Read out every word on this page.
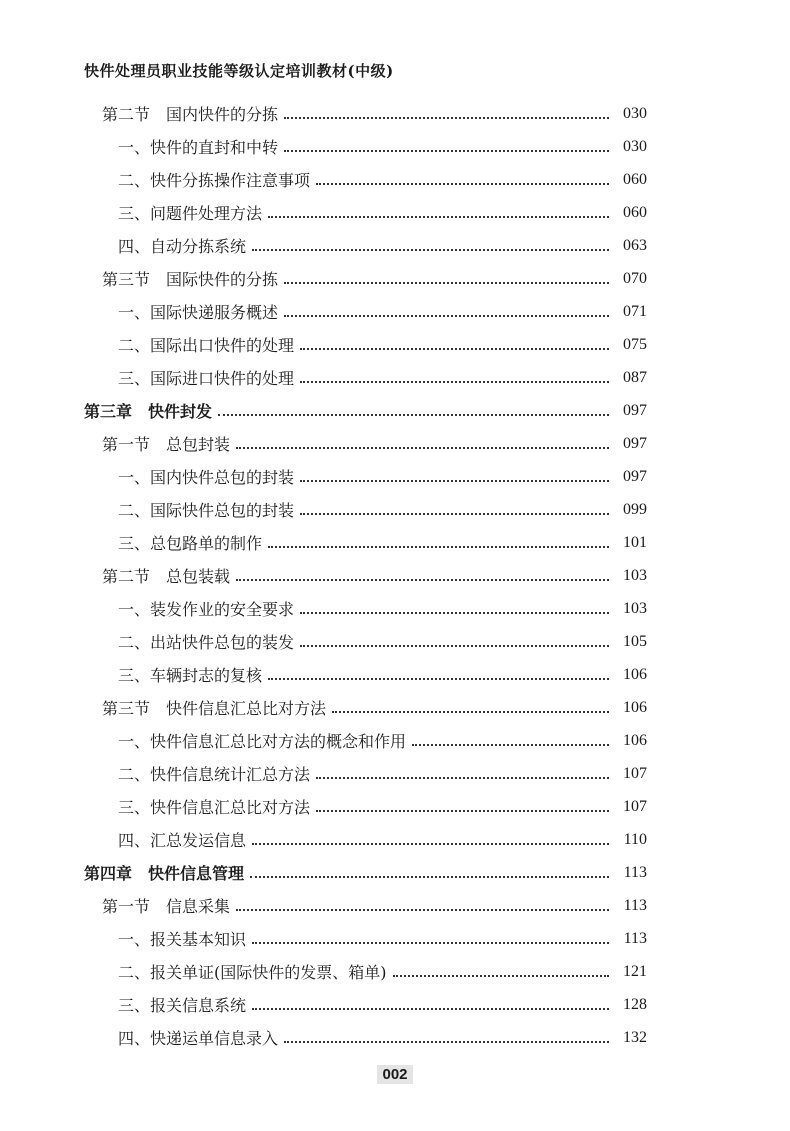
快件处理员职业技能等级认定培训教材(中级)
第二节　国内快件的分拣	030
一、快件的直封和中转	030
二、快件分拣操作注意事项	060
三、问题件处理方法	060
四、自动分拣系统	063
第三节　国际快件的分拣	070
一、国际快递服务概述	071
二、国际出口快件的处理	075
三、国际进口快件的处理	087
第三章　快件封发	097
第一节　总包封装	097
一、国内快件总包的封装	097
二、国际快件总包的封装	099
三、总包路单的制作	101
第二节　总包装载	103
一、装发作业的安全要求	103
二、出站快件总包的装发	105
三、车辆封志的复核	106
第三节　快件信息汇总比对方法	106
一、快件信息汇总比对方法的概念和作用	106
二、快件信息统计汇总方法	107
三、快件信息汇总比对方法	107
四、汇总发运信息	110
第四章　快件信息管理	113
第一节　信息采集	113
一、报关基本知识	113
二、报关单证(国际快件的发票、箱单)	121
三、报关信息系统	128
四、快递运单信息录入	132
002
